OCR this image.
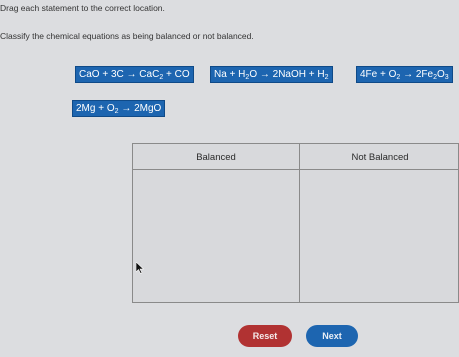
Drag each statement to the correct location.
Classify the chemical equations as being balanced or not balanced.
CaO + 3C → CaC$_2$ + CO	$Na + H_2O$ → 2NaOH + $H_2$	$4Fe + O_2 \to 2Fe_2O_3$
$2Mg + O_2 \to 2MgO$
Balanced	Not Balanced
Reset	Next
